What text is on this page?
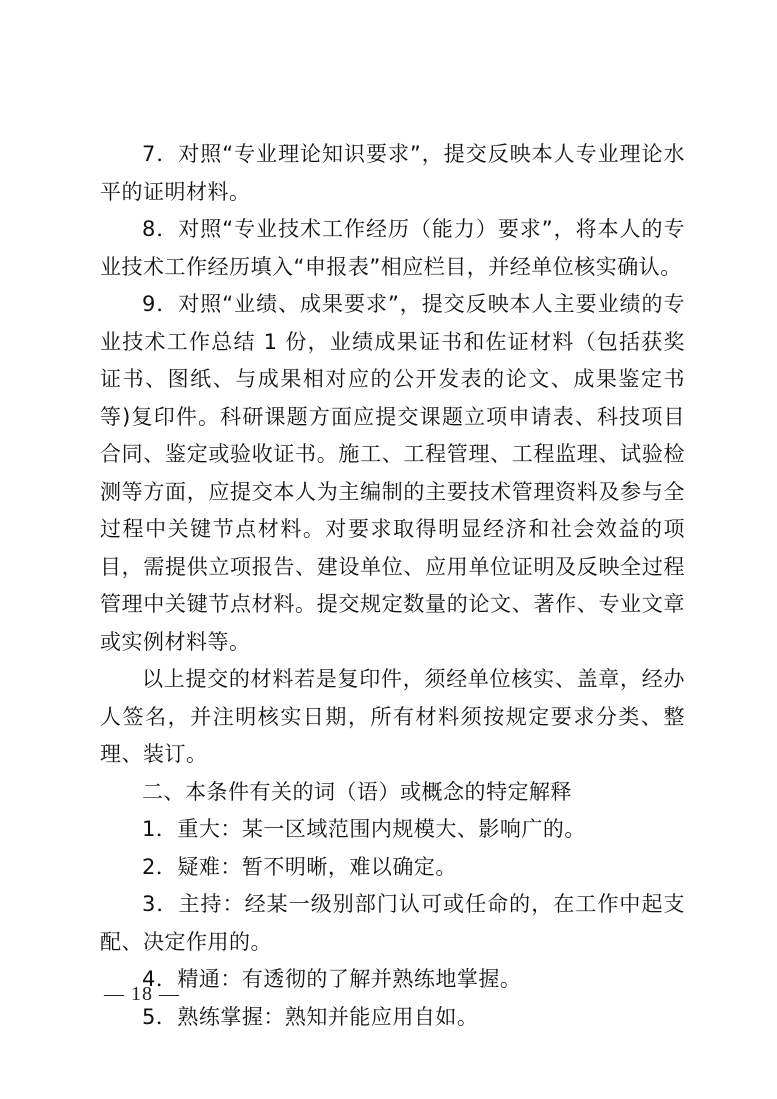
7．对照“专业理论知识要求”，提交反映本人专业理论水平的证明材料。

8．对照“专业技术工作经历（能力）要求”，将本人的专业技术工作经历填入“申报表”相应栏目，并经单位核实确认。

9．对照“业绩、成果要求”，提交反映本人主要业绩的专业技术工作总结 1 份，业绩成果证书和佐证材料（包括获奖证书、图纸、与成果相对应的公开发表的论文、成果鉴定书等)复印件。科研课题方面应提交课题立项申请表、科技项目合同、鉴定或验收证书。施工、工程管理、工程监理、试验检测等方面，应提交本人为主编制的主要技术管理资料及参与全过程中关键节点材料。对要求取得明显经济和社会效益的项目，需提供立项报告、建设单位、应用单位证明及反映全过程管理中关键节点材料。提交规定数量的论文、著作、专业文章或实例材料等。

以上提交的材料若是复印件，须经单位核实、盖章，经办人签名，并注明核实日期，所有材料须按规定要求分类、整理、装订。

二、本条件有关的词（语）或概念的特定解释

1．重大：某一区域范围内规模大、影响广的。

2．疑难：暂不明晰，难以确定。

3．主持：经某一级别部门认可或任命的，在工作中起支配、决定作用的。

4．精通：有透彻的了解并熟练地掌握。

5．熟练掌握：熟知并能应用自如。

— 18 —
